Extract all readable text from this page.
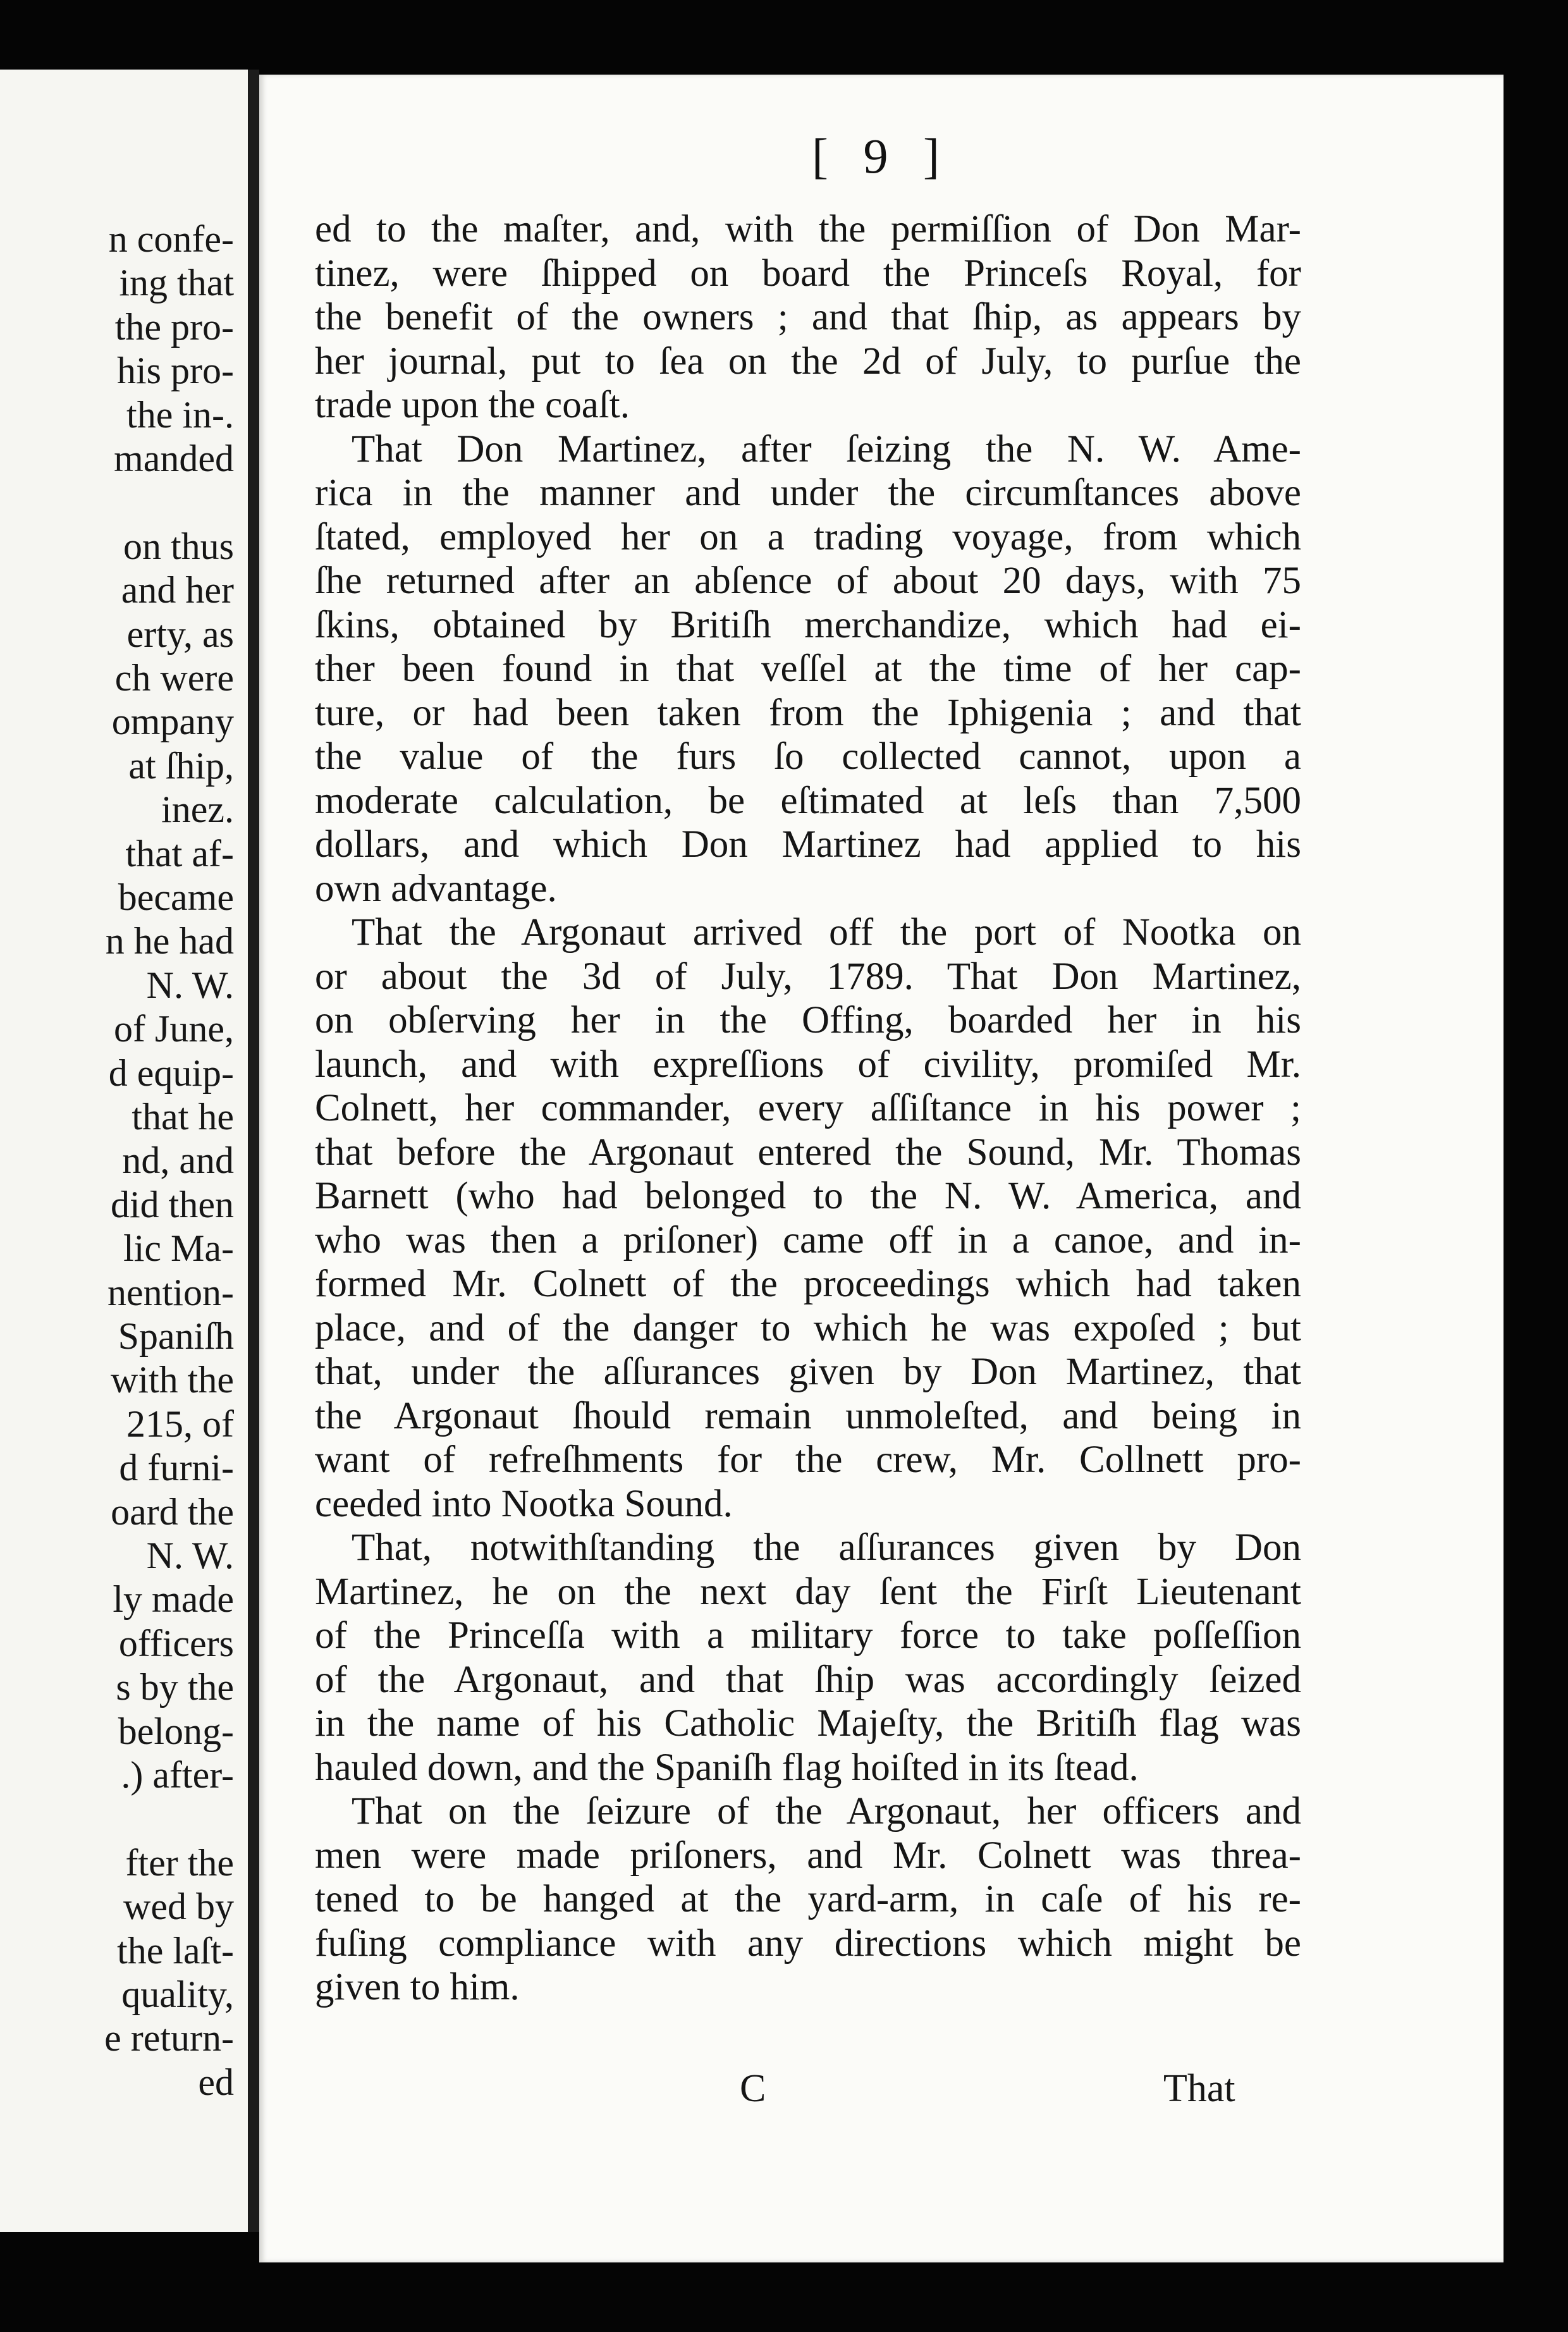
n confe-
ing that
the pro-
his pro-
the in-.
manded
on thus
and her
erty, as
ch were
ompany
at ſhip,
inez.
that af-
became
n he had
N. W.
of June,
d equip-
that he
nd, and
did then
lic Ma-
nention-
Spaniſh
with the
215, of
d furni-
oard the
N. W.
ly made
officers
s by the
belong-
.) after-
fter the
wed by
the laſt-
quality,
e return-
ed
[ 9 ]
ed to the maſter, and, with the permiſſion of Don Mar-
tinez, were ſhipped on board the Princeſs Royal, for
the benefit of the owners ; and that ſhip, as appears by
her journal, put to ſea on the 2d of July, to purſue the
trade upon the coaſt.
That Don Martinez, after ſeizing the N. W. Ame-
rica in the manner and under the circumſtances above
ſtated, employed her on a trading voyage, from which
ſhe returned after an abſence of about 20 days, with 75
ſkins, obtained by Britiſh merchandize, which had ei-
ther been found in that veſſel at the time of her cap-
ture, or had been taken from the Iphigenia ; and that
the value of the furs ſo collected cannot, upon a
moderate calculation, be eſtimated at leſs than 7,500
dollars, and which Don Martinez had applied to his
own advantage.
That the Argonaut arrived off the port of Nootka on
or about the 3d of July, 1789. That Don Martinez,
on obſerving her in the Offing, boarded her in his
launch, and with expreſſions of civility, promiſed Mr.
Colnett, her commander, every aſſiſtance in his power ;
that before the Argonaut entered the Sound, Mr. Thomas
Barnett (who had belonged to the N. W. America, and
who was then a priſoner) came off in a canoe, and in-
formed Mr. Colnett of the proceedings which had taken
place, and of the danger to which he was expoſed ; but
that, under the aſſurances given by Don Martinez, that
the Argonaut ſhould remain unmoleſted, and being in
want of refreſhments for the crew, Mr. Collnett pro-
ceeded into Nootka Sound.
That, notwithſtanding the aſſurances given by Don
Martinez, he on the next day ſent the Firſt Lieutenant
of the Princeſſa with a military force to take poſſeſſion
of the Argonaut, and that ſhip was accordingly ſeized
in the name of his Catholic Majeſty, the Britiſh flag was
hauled down, and the Spaniſh flag hoiſted in its ſtead.
That on the ſeizure of the Argonaut, her officers and
men were made priſoners, and Mr. Colnett was threa-
tened to be hanged at the yard-arm, in caſe of his re-
fuſing compliance with any directions which might be
given to him.
C	That
